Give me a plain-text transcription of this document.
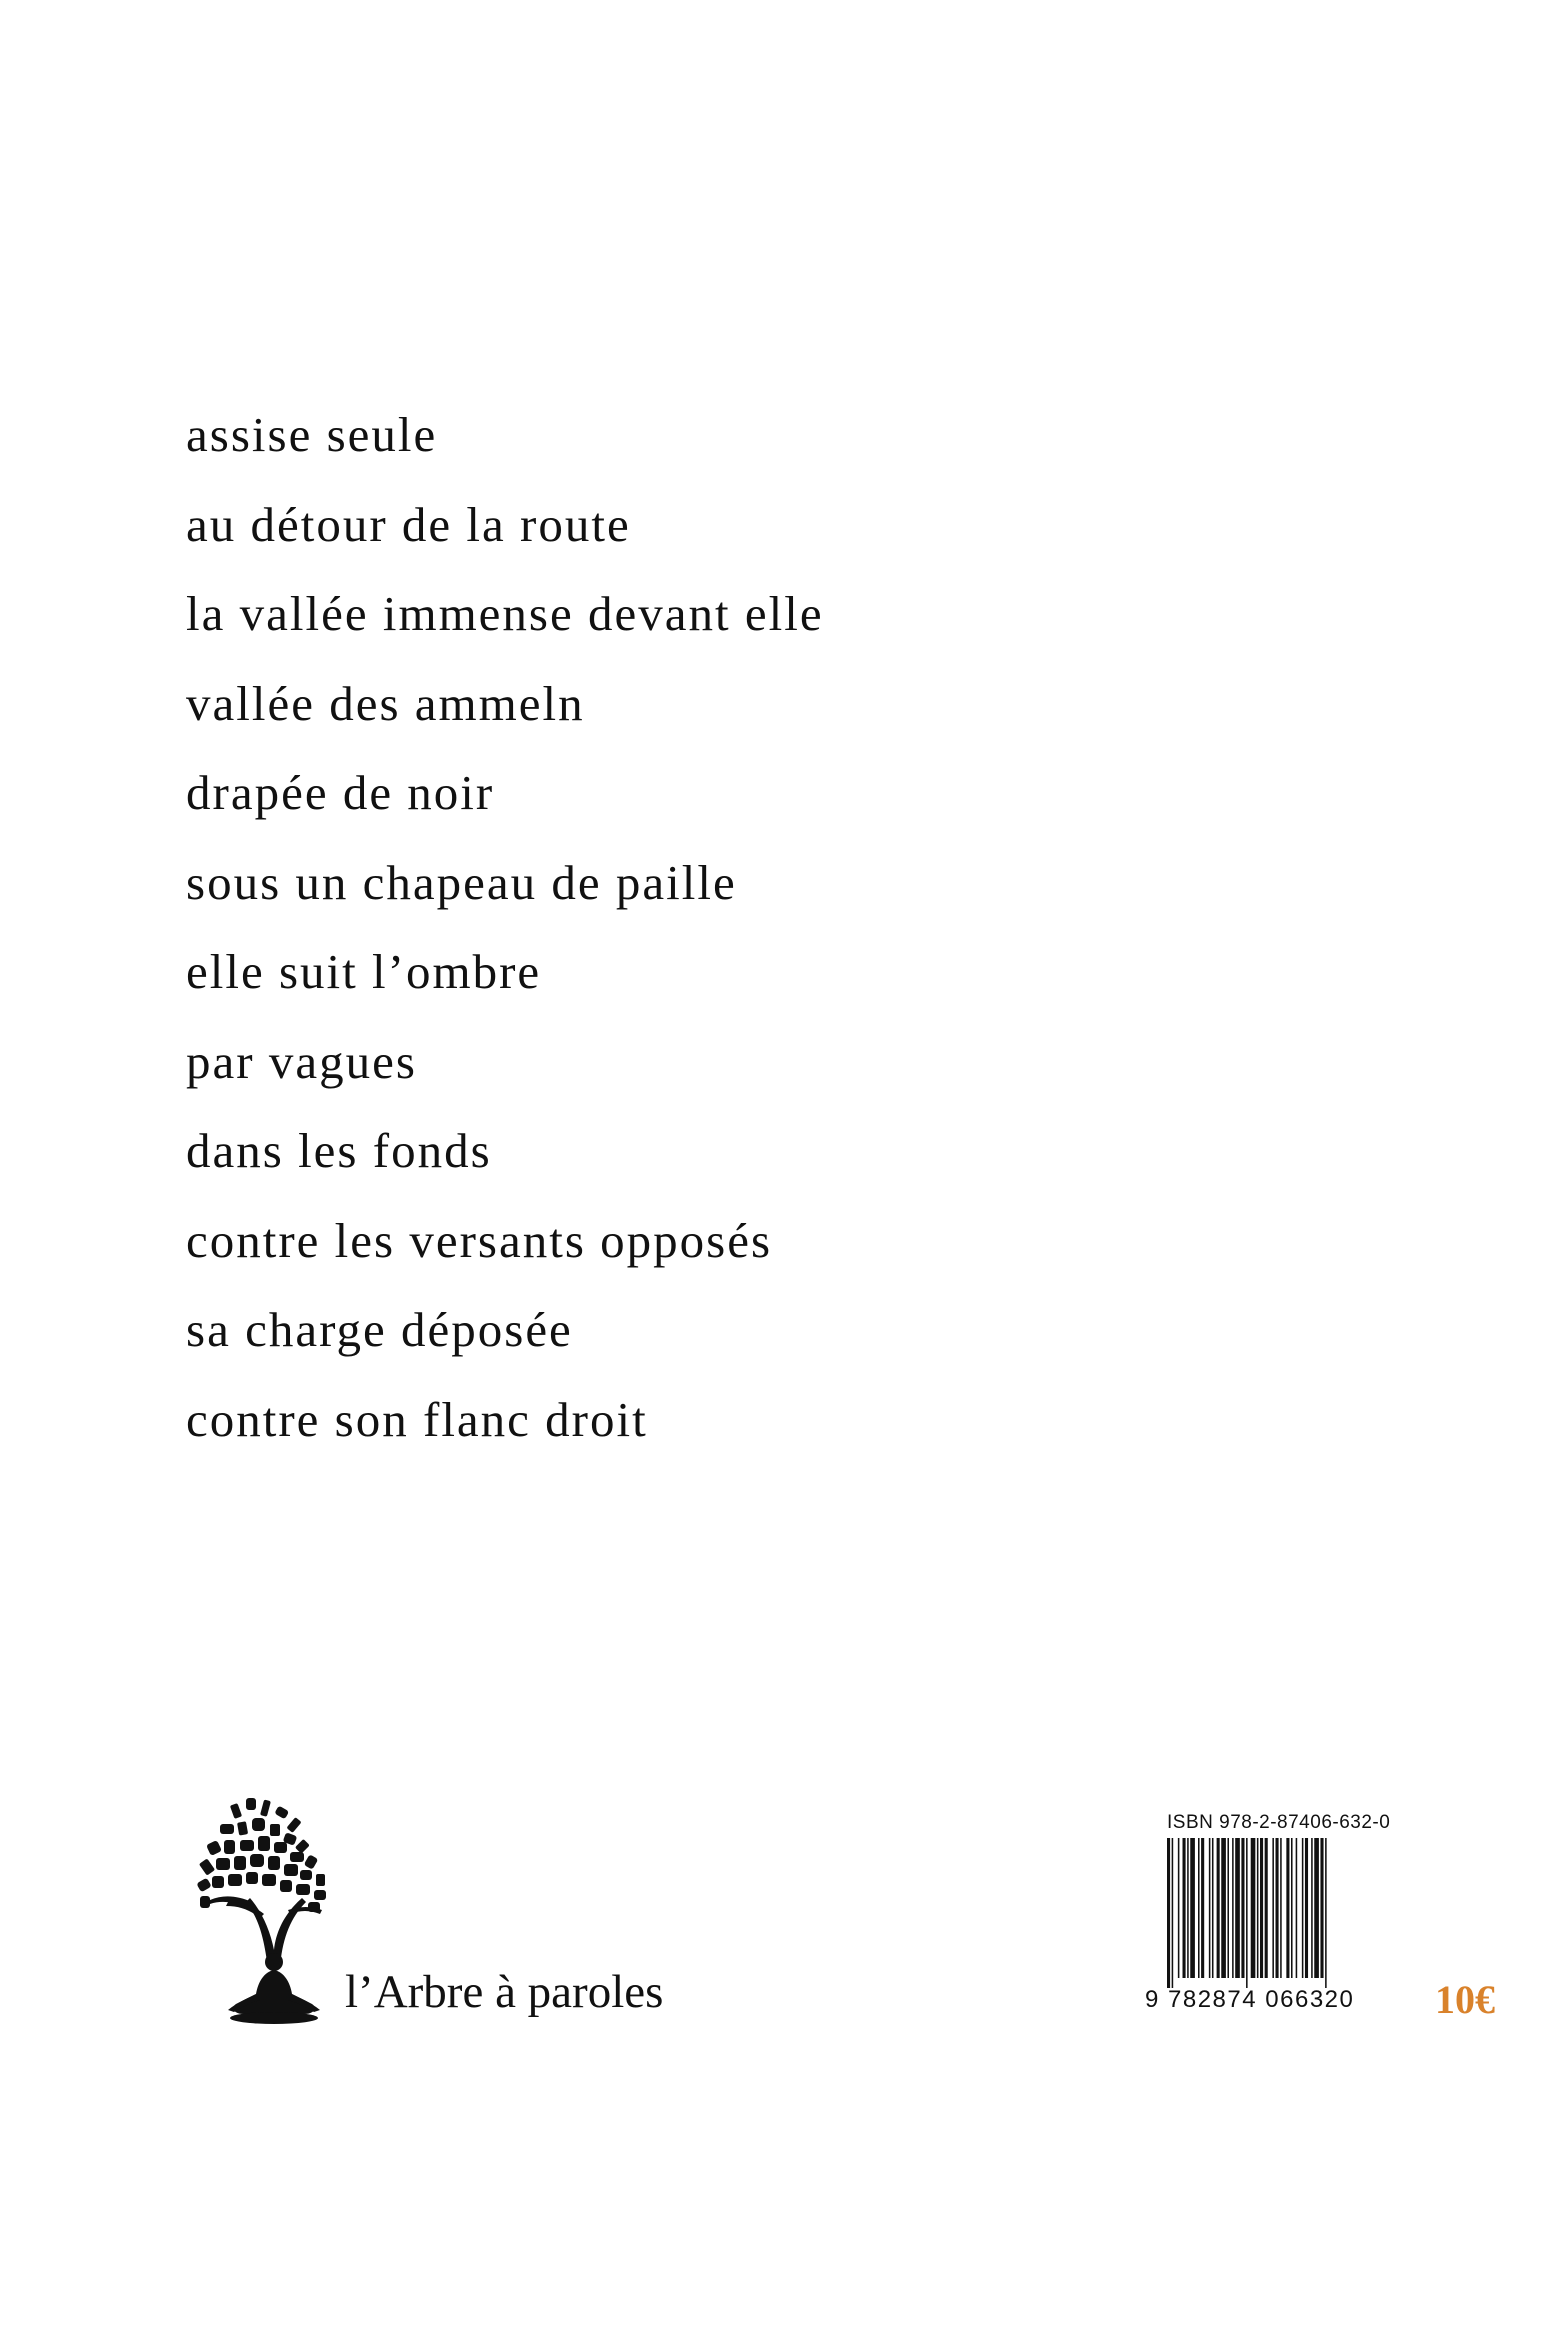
assise seule
au détour de la route
la vallée immense devant elle
vallée des ammeln
drapée de noir
sous un chapeau de paille
elle suit l’ombre
par vagues
dans les fonds
contre les versants opposés
sa charge déposée
contre son flanc droit
l’Arbre à paroles
ISBN 978-2-87406-632-0
9 782874 066320 10€
